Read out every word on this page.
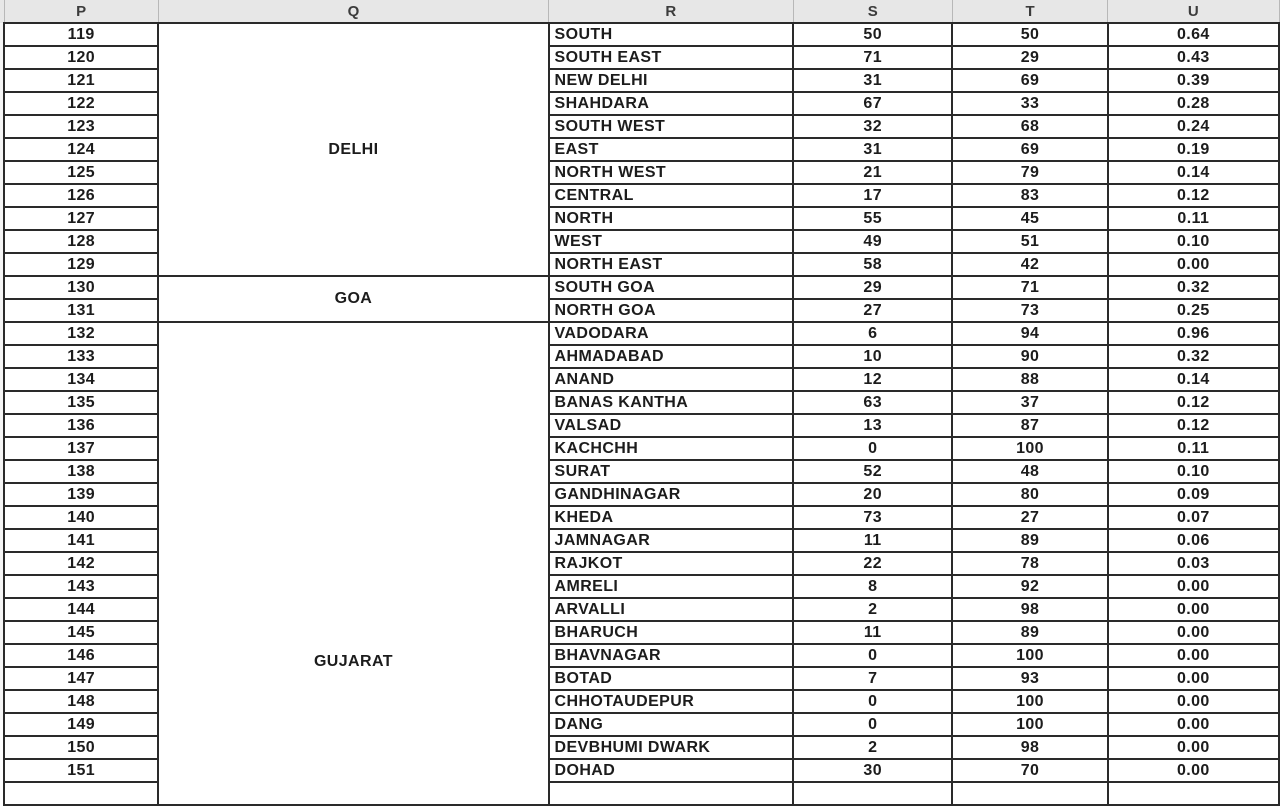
P	Q	R	S	T	U
119	DELHI	SOUTH	50	50	0.64
120		SOUTH EAST	71	29	0.43
121		NEW DELHI	31	69	0.39
122		SHAHDARA	67	33	0.28
123		SOUTH WEST	32	68	0.24
124		EAST	31	69	0.19
125		NORTH WEST	21	79	0.14
126		CENTRAL	17	83	0.12
127		NORTH	55	45	0.11
128		WEST	49	51	0.10
129		NORTH EAST	58	42	0.00
130	GOA	SOUTH GOA	29	71	0.32
131		NORTH GOA	27	73	0.25
132	GUJARAT	VADODARA	6	94	0.96
133		AHMADABAD	10	90	0.32
134		ANAND	12	88	0.14
135		BANAS KANTHA	63	37	0.12
136		VALSAD	13	87	0.12
137		KACHCHH	0	100	0.11
138		SURAT	52	48	0.10
139		GANDHINAGAR	20	80	0.09
140		KHEDA	73	27	0.07
141		JAMNAGAR	11	89	0.06
142		RAJKOT	22	78	0.03
143		AMRELI	8	92	0.00
144		ARVALLI	2	98	0.00
145		BHARUCH	11	89	0.00
146		BHAVNAGAR	0	100	0.00
147		BOTAD	7	93	0.00
148		CHHOTAUDEPUR	0	100	0.00
149		DANG	0	100	0.00
150		DEVBHUMI DWARK	2	98	0.00
151		DOHAD	30	70	0.00
